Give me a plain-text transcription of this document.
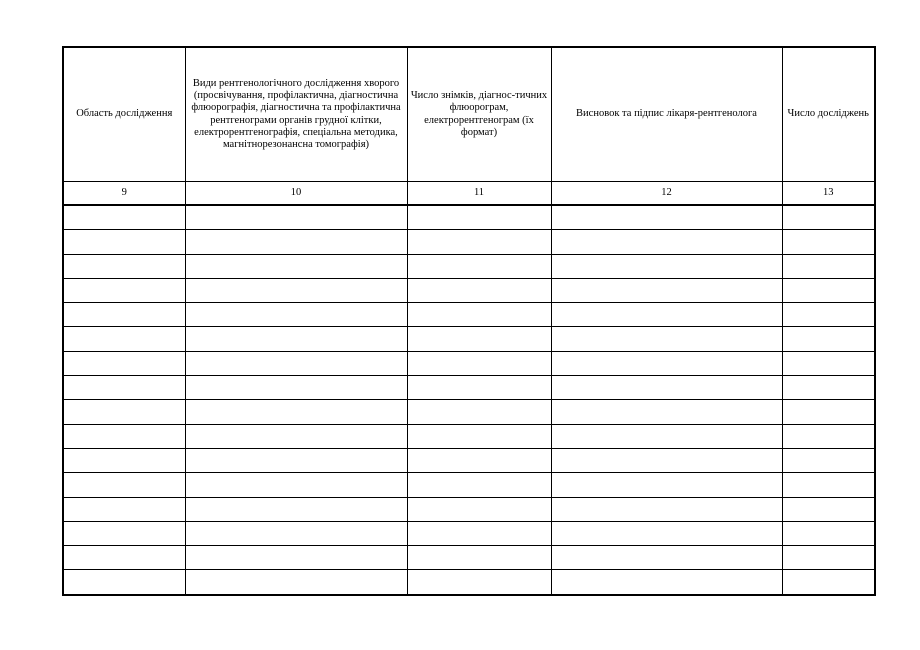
Область дослідження	Види рентгенологічного дослідження хворого (просвічування, профілактична, діагностична флюорографія, діагностична та профілактична рентгенограми органів грудної клітки, електрорентгенографія, спеціальна методика, магнітнорезонансна томографія)	Число знімків, діагнос-тичних флюорограм, електрорентгенограм (їх формат)	Висновок та підпис лікаря-рентгенолога	Число досліджень
9	10	11	12	13
